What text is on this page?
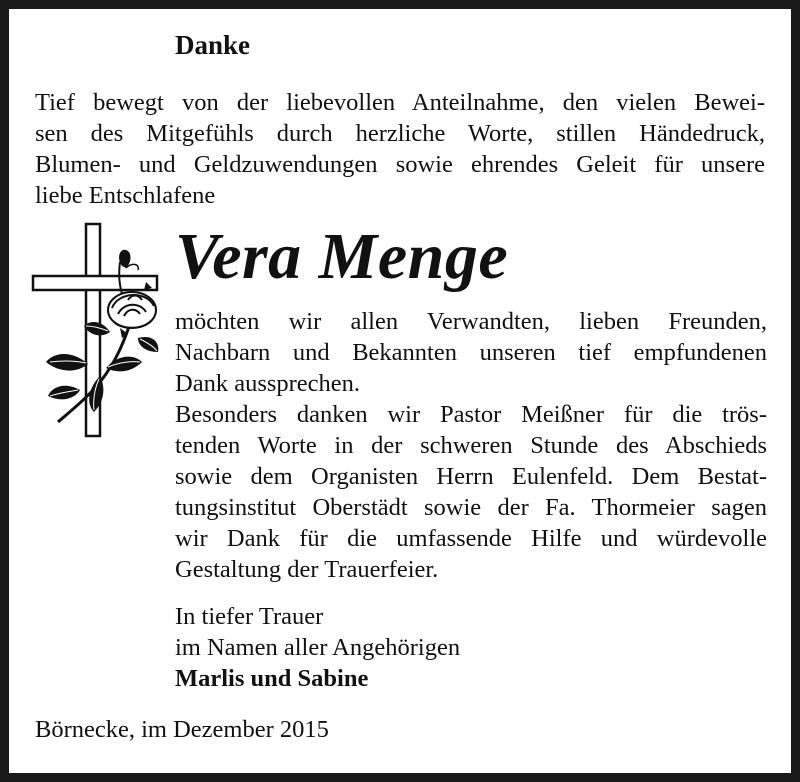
Danke
Tief bewegt von der liebevollen Anteilnahme, den vielen Bewei-
sen des Mitgefühls durch herzliche Worte, stillen Händedruck,
Blumen- und Geldzuwendungen sowie ehrendes Geleit für unsere
liebe Entschlafene
Vera Menge
möchten wir allen Verwandten, lieben Freunden,
Nachbarn und Bekannten unseren tief empfundenen
Dank aussprechen.
Besonders danken wir Pastor Meißner für die trös-
tenden Worte in der schweren Stunde des Abschieds
sowie dem Organisten Herrn Eulenfeld. Dem Bestat-
tungsinstitut Oberstädt sowie der Fa. Thormeier sagen
wir Dank für die umfassende Hilfe und würdevolle
Gestaltung der Trauerfeier.
In tiefer Trauer
im Namen aller Angehörigen
Marlis und Sabine
Börnecke, im Dezember 2015
